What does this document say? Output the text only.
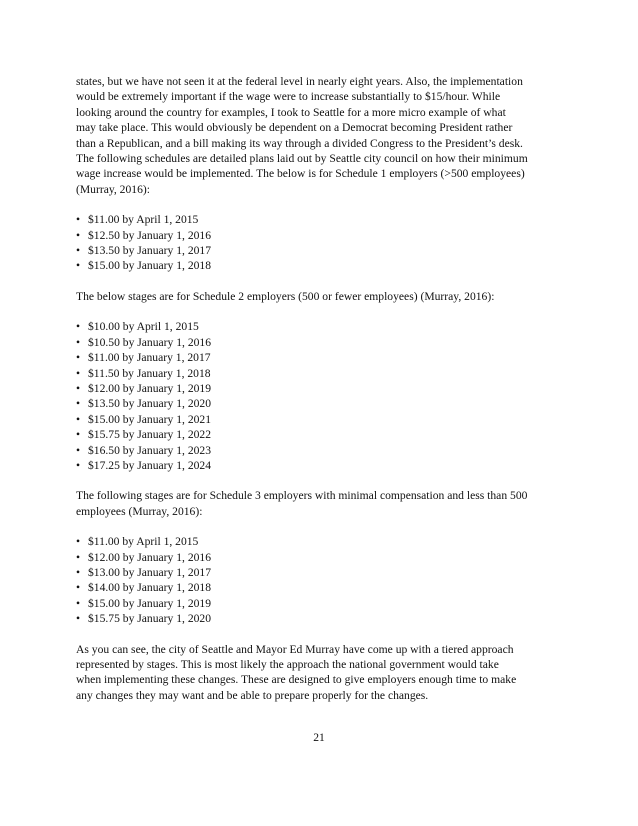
states, but we have not seen it at the federal level in nearly eight years. Also, the implementation
would be extremely important if the wage were to increase substantially to $15/hour. While
looking around the country for examples, I took to Seattle for a more micro example of what
may take place. This would obviously be dependent on a Democrat becoming President rather
than a Republican, and a bill making its way through a divided Congress to the President’s desk.
The following schedules are detailed plans laid out by Seattle city council on how their minimum
wage increase would be implemented. The below is for Schedule 1 employers (>500 employees)
(Murray, 2016):

• $11.00 by April 1, 2015
• $12.50 by January 1, 2016
• $13.50 by January 1, 2017
• $15.00 by January 1, 2018

The below stages are for Schedule 2 employers (500 or fewer employees) (Murray, 2016):

• $10.00 by April 1, 2015
• $10.50 by January 1, 2016
• $11.00 by January 1, 2017
• $11.50 by January 1, 2018
• $12.00 by January 1, 2019
• $13.50 by January 1, 2020
• $15.00 by January 1, 2021
• $15.75 by January 1, 2022
• $16.50 by January 1, 2023
• $17.25 by January 1, 2024

The following stages are for Schedule 3 employers with minimal compensation and less than 500
employees (Murray, 2016):

• $11.00 by April 1, 2015
• $12.00 by January 1, 2016
• $13.00 by January 1, 2017
• $14.00 by January 1, 2018
• $15.00 by January 1, 2019
• $15.75 by January 1, 2020

As you can see, the city of Seattle and Mayor Ed Murray have come up with a tiered approach
represented by stages. This is most likely the approach the national government would take
when implementing these changes. These are designed to give employers enough time to make
any changes they may want and be able to prepare properly for the changes.

21
